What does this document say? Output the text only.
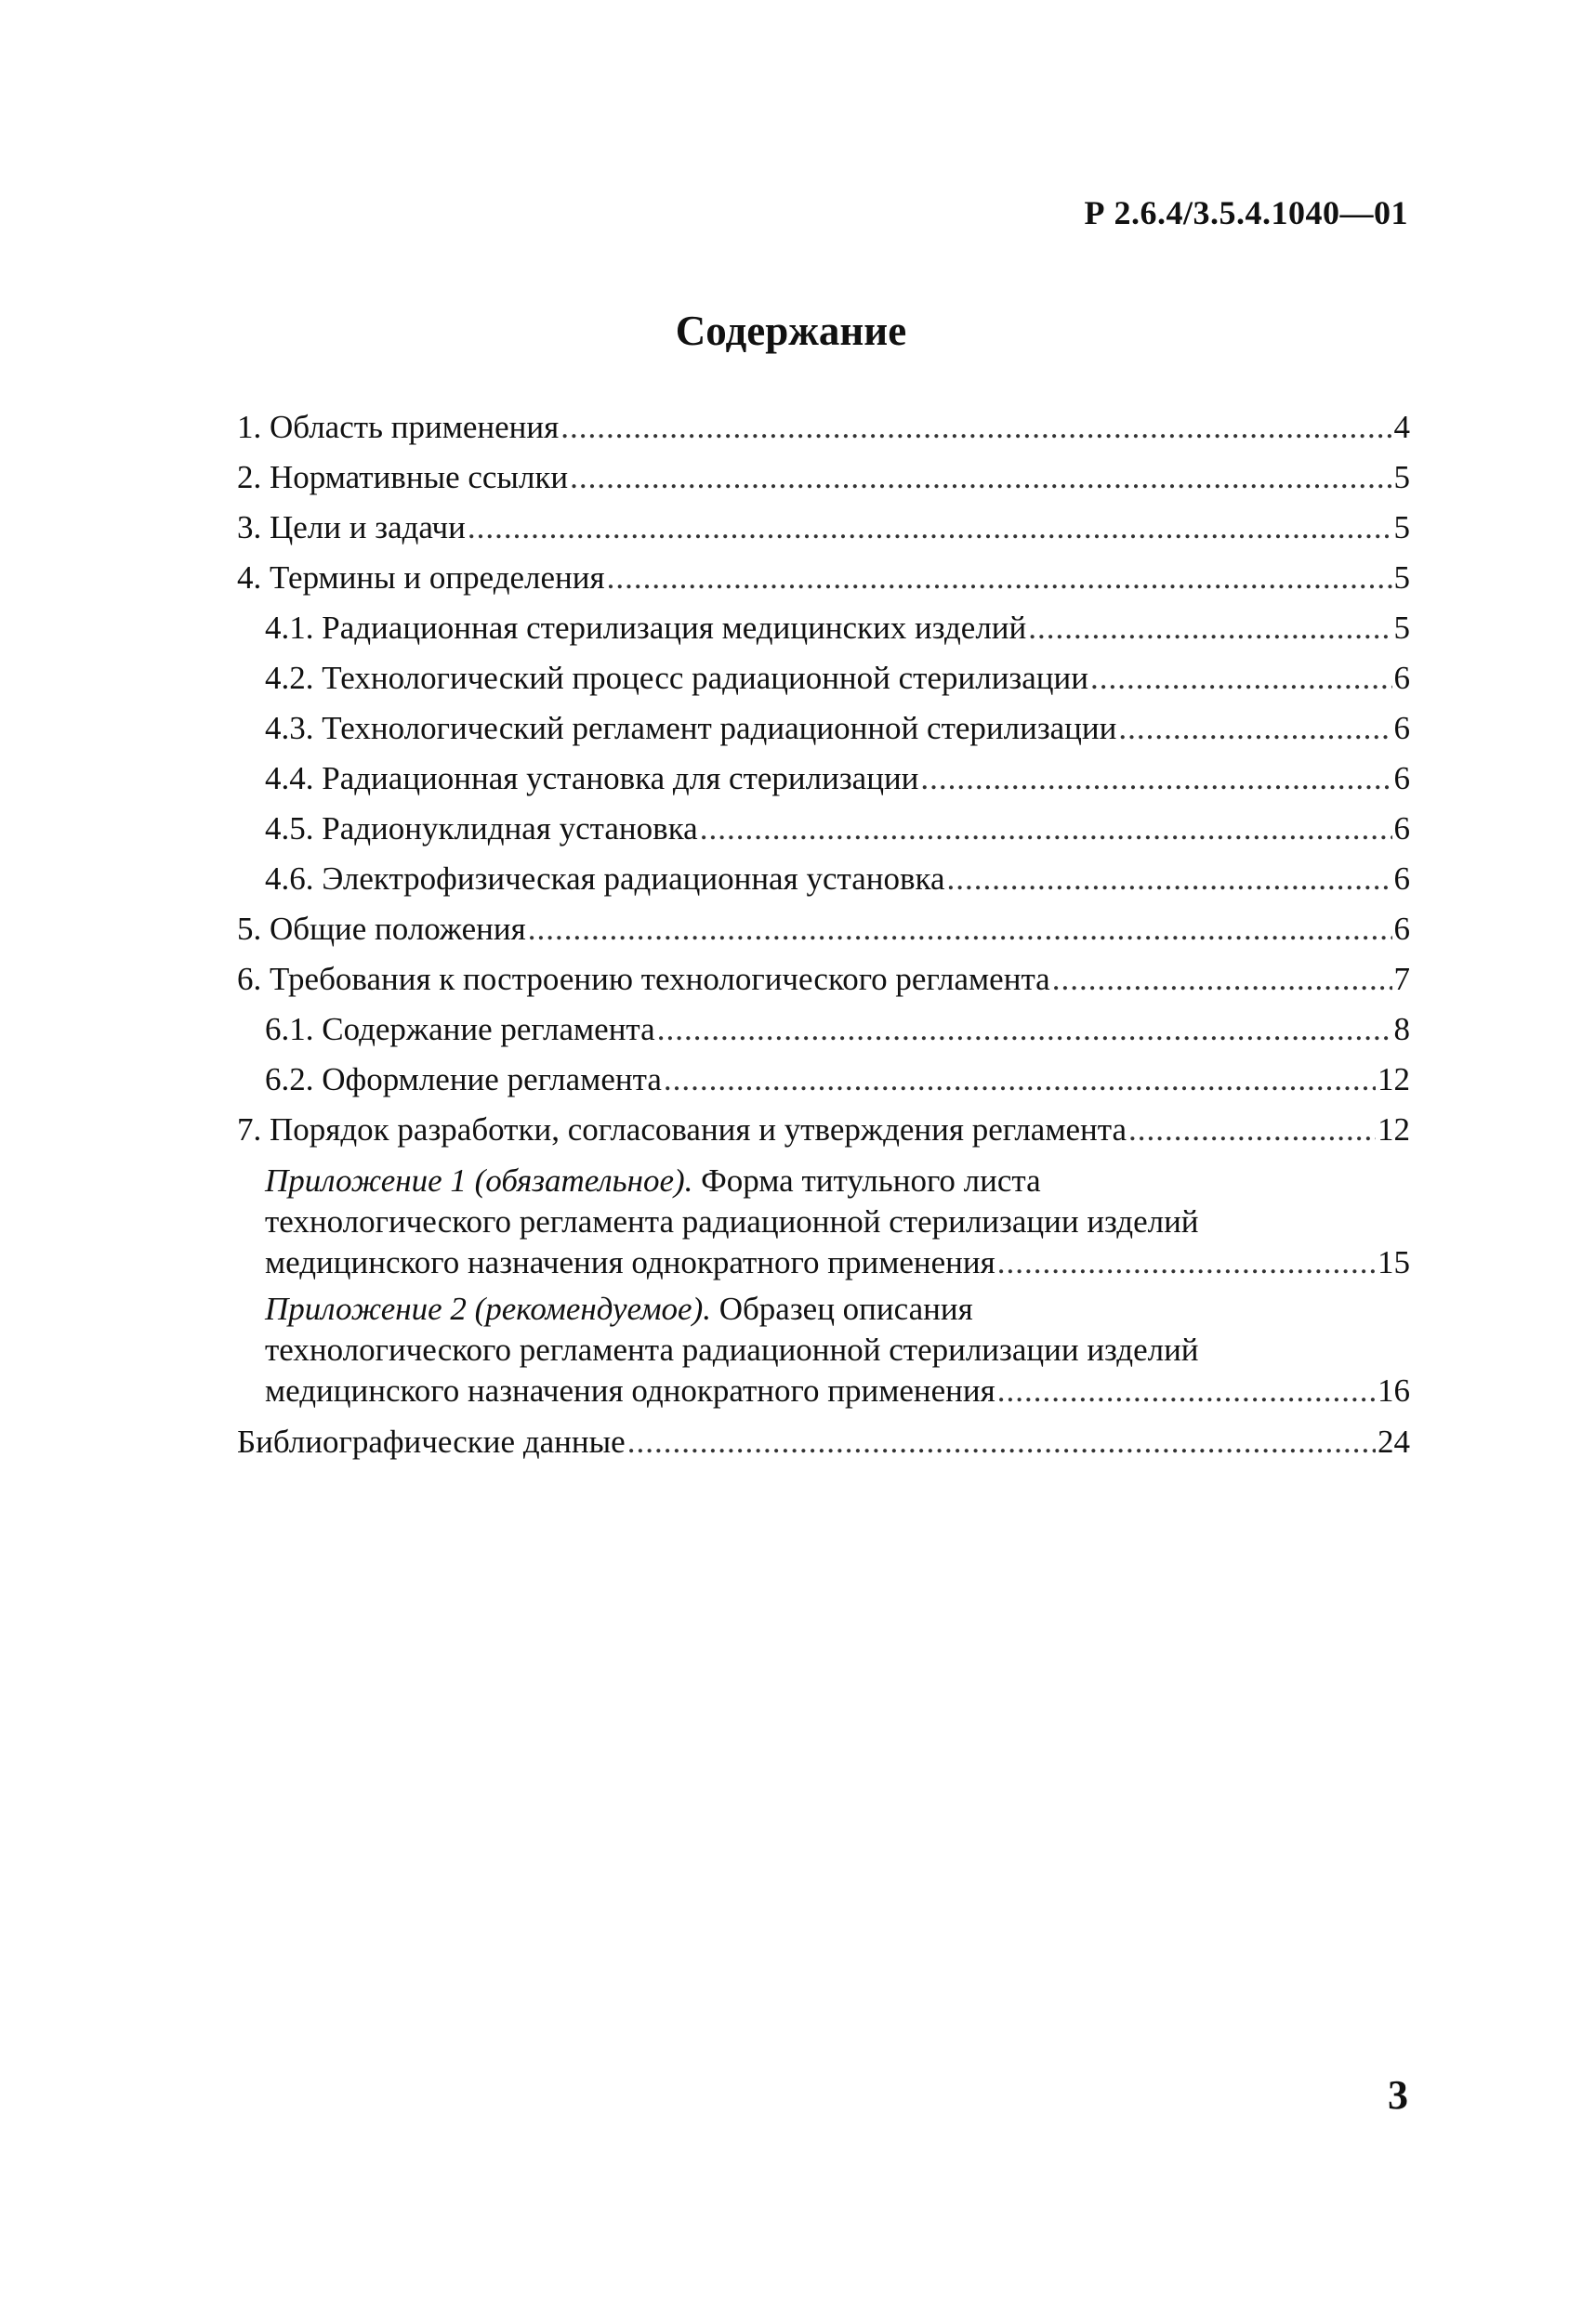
Р 2.6.4/3.5.4.1040—01
Содержание
1. Область применения .....	4
2. Нормативные ссылки .....	5
3. Цели и задачи .....	5
4. Термины и определения .....	5
4.1. Радиационная стерилизация медицинских изделий .....	5
4.2. Технологический процесс радиационной стерилизации .....	6
4.3. Технологический регламент радиационной стерилизации .....	6
4.4. Радиационная установка для стерилизации .....	6
4.5. Радионуклидная установка .....	6
4.6. Электрофизическая радиационная установка .....	6
5. Общие положения .....	6
6. Требования к построению технологического регламента .....	7
6.1. Содержание регламента .....	8
6.2. Оформление регламента .....	12
7. Порядок разработки, согласования и утверждения регламента .....	12
Приложение 1 (обязательное). Форма титульного листа
технологического регламента радиационной стерилизации изделий
медицинского назначения однократного применения .....	15
Приложение 2 (рекомендуемое). Образец описания
технологического регламента радиационной стерилизации изделий
медицинского назначения однократного применения .....	16
Библиографические данные .....	24
3
